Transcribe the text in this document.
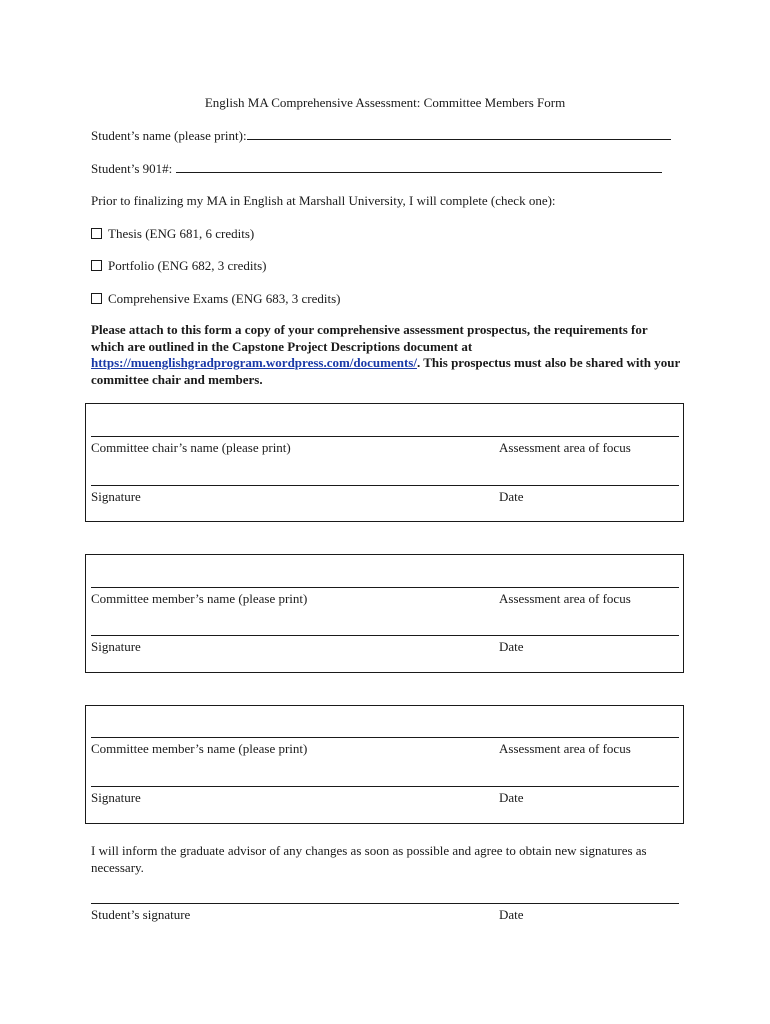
English MA Comprehensive Assessment: Committee Members Form
Student’s name (please print):
Student’s 901#:
Prior to finalizing my MA in English at Marshall University, I will complete (check one):
Thesis (ENG 681, 6 credits)
Portfolio (ENG 682, 3 credits)
Comprehensive Exams (ENG 683, 3 credits)
Please attach to this form a copy of your comprehensive assessment prospectus, the requirements for which are outlined in the Capstone Project Descriptions document at https://muenglishgradprogram.wordpress.com/documents/. This prospectus must also be shared with your committee chair and members.
Committee chair’s name (please print)	Assessment area of focus
Signature	Date
Committee member’s name (please print)	Assessment area of focus
Signature	Date
Committee member’s name (please print)	Assessment area of focus
Signature	Date
I will inform the graduate advisor of any changes as soon as possible and agree to obtain new signatures as necessary.
Student’s signature	Date
